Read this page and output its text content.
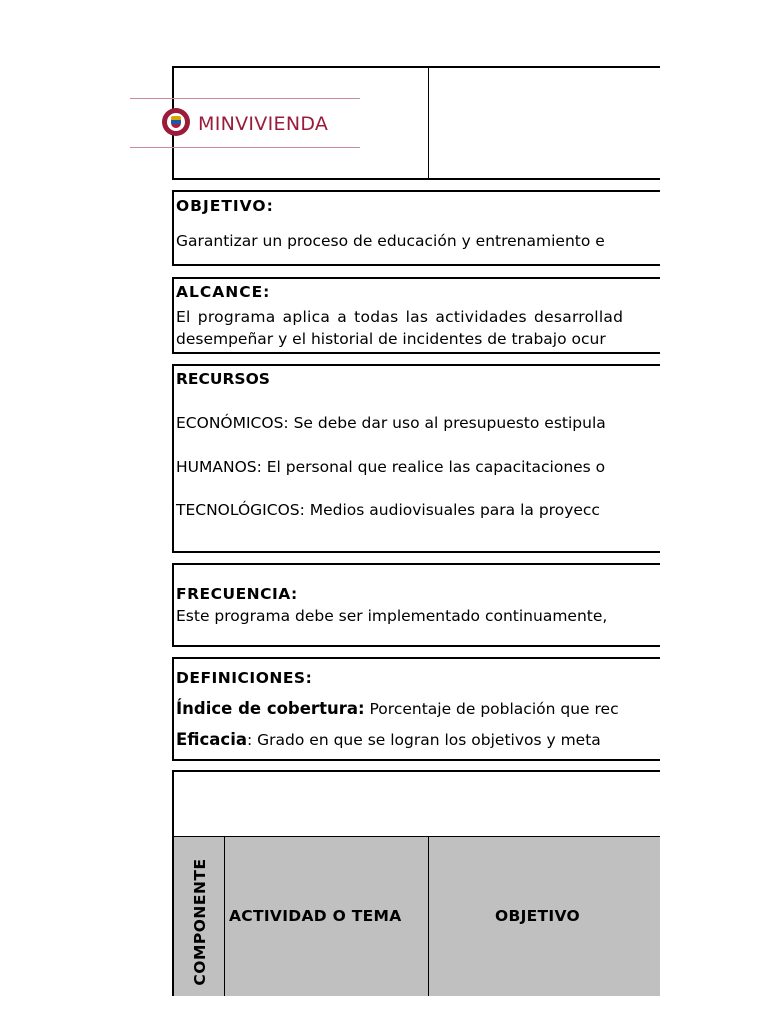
MINVIVIENDA
OBJETIVO:
Garantizar un proceso de educación y entrenamiento e
ALCANCE:
El programa aplica a todas las actividades desarrollad
desempeñar y el historial de incidentes de trabajo ocur
RECURSOS
ECONÓMICOS: Se debe dar uso al presupuesto estipula
HUMANOS: El personal que realice las capacitaciones o
TECNOLÓGICOS: Medios audiovisuales para la proyecc
FRECUENCIA:
Este programa debe ser implementado continuamente,
DEFINICIONES:
Índice de cobertura: Porcentaje de población que rec
Eficacia: Grado en que se logran los objetivos y meta
COMPONENTE ACTIVIDAD O TEMA	OBJETIVO
